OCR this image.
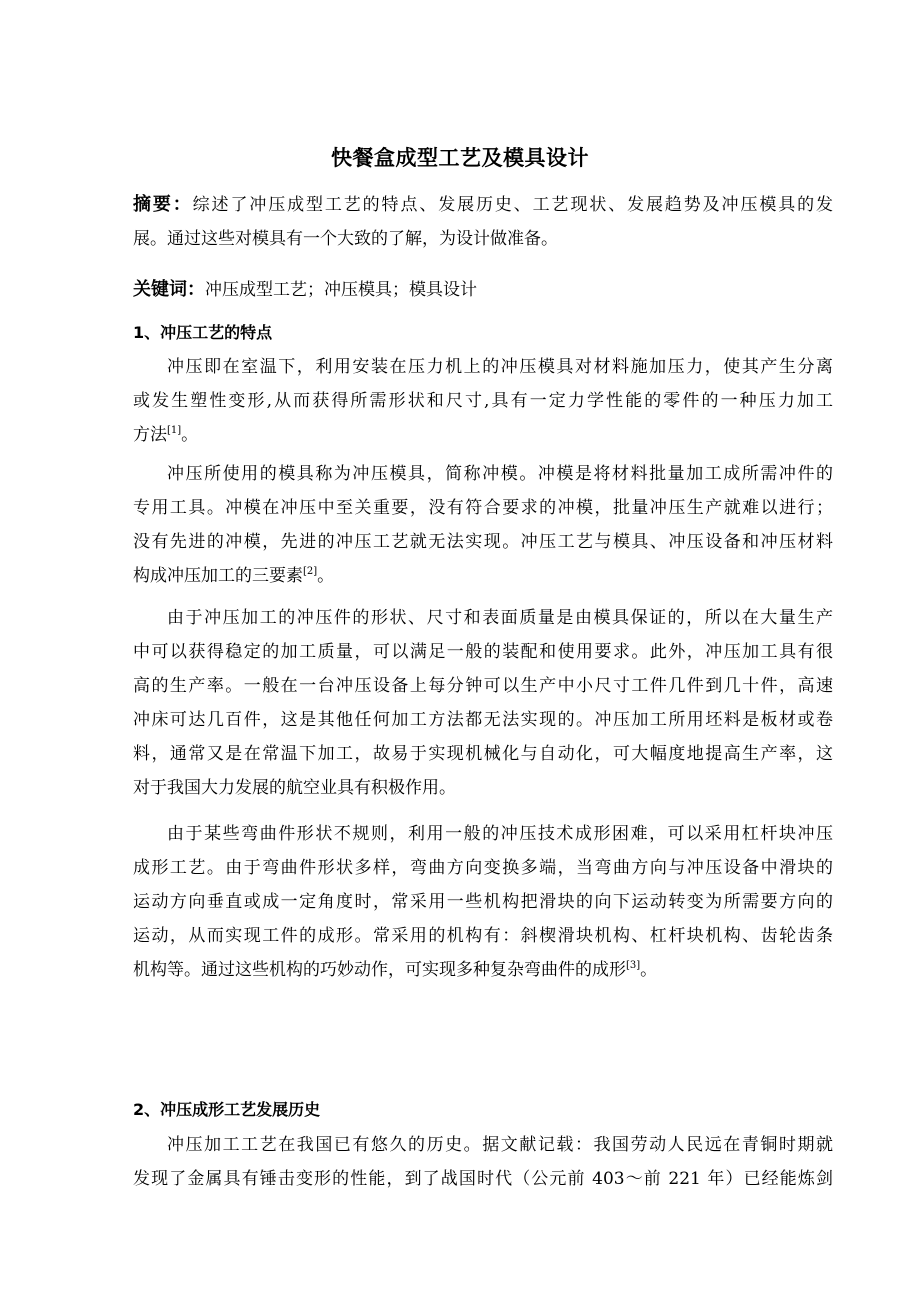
快餐盒成型工艺及模具设计
摘要：综述了冲压成型工艺的特点、发展历史、工艺现状、发展趋势及冲压模具的发
展。通过这些对模具有一个大致的了解，为设计做准备。
关键词：冲压成型工艺；冲压模具；模具设计
1、冲压工艺的特点
冲压即在室温下，利用安装在压力机上的冲压模具对材料施加压力，使其产生分离
或发生塑性变形,从而获得所需形状和尺寸,具有一定力学性能的零件的一种压力加工
方法[1]。
冲压所使用的模具称为冲压模具，简称冲模。冲模是将材料批量加工成所需冲件的
专用工具。冲模在冲压中至关重要，没有符合要求的冲模，批量冲压生产就难以进行；
没有先进的冲模，先进的冲压工艺就无法实现。冲压工艺与模具、冲压设备和冲压材料
构成冲压加工的三要素[2]。
由于冲压加工的冲压件的形状、尺寸和表面质量是由模具保证的，所以在大量生产
中可以获得稳定的加工质量，可以满足一般的装配和使用要求。此外，冲压加工具有很
高的生产率。一般在一台冲压设备上每分钟可以生产中小尺寸工件几件到几十件，高速
冲床可达几百件，这是其他任何加工方法都无法实现的。冲压加工所用坯料是板材或卷
料，通常又是在常温下加工，故易于实现机械化与自动化，可大幅度地提高生产率，这
对于我国大力发展的航空业具有积极作用。
由于某些弯曲件形状不规则，利用一般的冲压技术成形困难，可以采用杠杆块冲压
成形工艺。由于弯曲件形状多样，弯曲方向变换多端，当弯曲方向与冲压设备中滑块的
运动方向垂直或成一定角度时，常采用一些机构把滑块的向下运动转变为所需要方向的
运动，从而实现工件的成形。常采用的机构有：斜楔滑块机构、杠杆块机构、齿轮齿条
机构等。通过这些机构的巧妙动作，可实现多种复杂弯曲件的成形[3]。
2、冲压成形工艺发展历史
冲压加工工艺在我国已有悠久的历史。据文献记载：我国劳动人民远在青铜时期就
发现了金属具有锤击变形的性能，到了战国时代（公元前 403～前 221 年）已经能炼剑
